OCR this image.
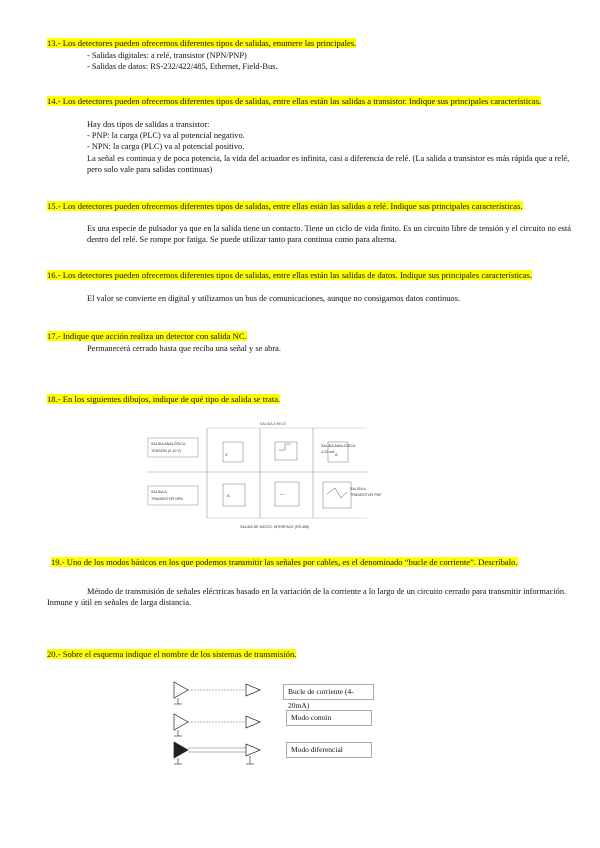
13.- Los detectores pueden ofrecernos diferentes tipos de salidas, enumere las principales.
- Salidas digitales: a relé, transistor (NPN/PNP)
- Salidas de datos: RS-232/422/485, Ethernet, Field-Bus.
14.- Los detectores pueden ofrecernos diferentes tipos de salidas, entre ellas están las salidas a transistor. Indique sus principales características.
Hay dos tipos de salidas a transistor:
- PNP: la carga (PLC) va al potencial negativo.
- NPN: la carga (PLC) va al potencial positivo.
La señal es continua y de poca potencia, la vida del actuador es infinita, casi a diferencia de relé. (La salida a transistor es más rápida que a relé, pero solo vale para salidas continuas)
15.- Los detectores pueden ofrecernos diferentes tipos de salidas, entre ellas están las salidas a relé. Indique sus principales características.
Es una especie de pulsador ya que en la salida tiene un contacto. Tiene un ciclo de vida finito. Es un circuito libre de tensión y el circuito no está dentro del relé. Se rompe por fatiga. Se puede utilizar tanto para continua como para alterna.
16.- Los detectores pueden ofrecernos diferentes tipos de salidas, entre ellas están las salidas de datos. Indique sus principales características.
El valor se convierte en digital y utilizamos un bus de comunicaciones, aunque no consigamos datos continuos.
17.- Indique que acción realiza un detector con salida NC.
Permanecerá cerrado hasta que reciba una señal y se abra.
18.- En los siguientes dibujos, indique de qué tipo de salida se trata.
V	A
A	—
SALIDA A RELÉ
SALIDA ANALÓGICA
TENSIÓN (0-10 V)
SALIDA ANALÓGICA
4-20 mA
SALIDA A
TRANSISTOR NPN
SALIDA A
TRANSISTOR PNP
SALIDA DE DATOS, INTERFACE (RS-485)
19.- Uno de los modos básicos en los que podemos transmitir las señales por cables, es el denominado “bucle de corriente”. Descríbalo.
Método de transmisión de señales eléctricas basado en la variación de la corriente a lo largo de un circuito cerrado para transmitir información. Inmune y útil en señales de larga distancia.
20.- Sobre el esquema indique el nombre de los sistemas de transmisión.
Bucle de corriente (4-20mA)
Modo común
Modo diferencial
